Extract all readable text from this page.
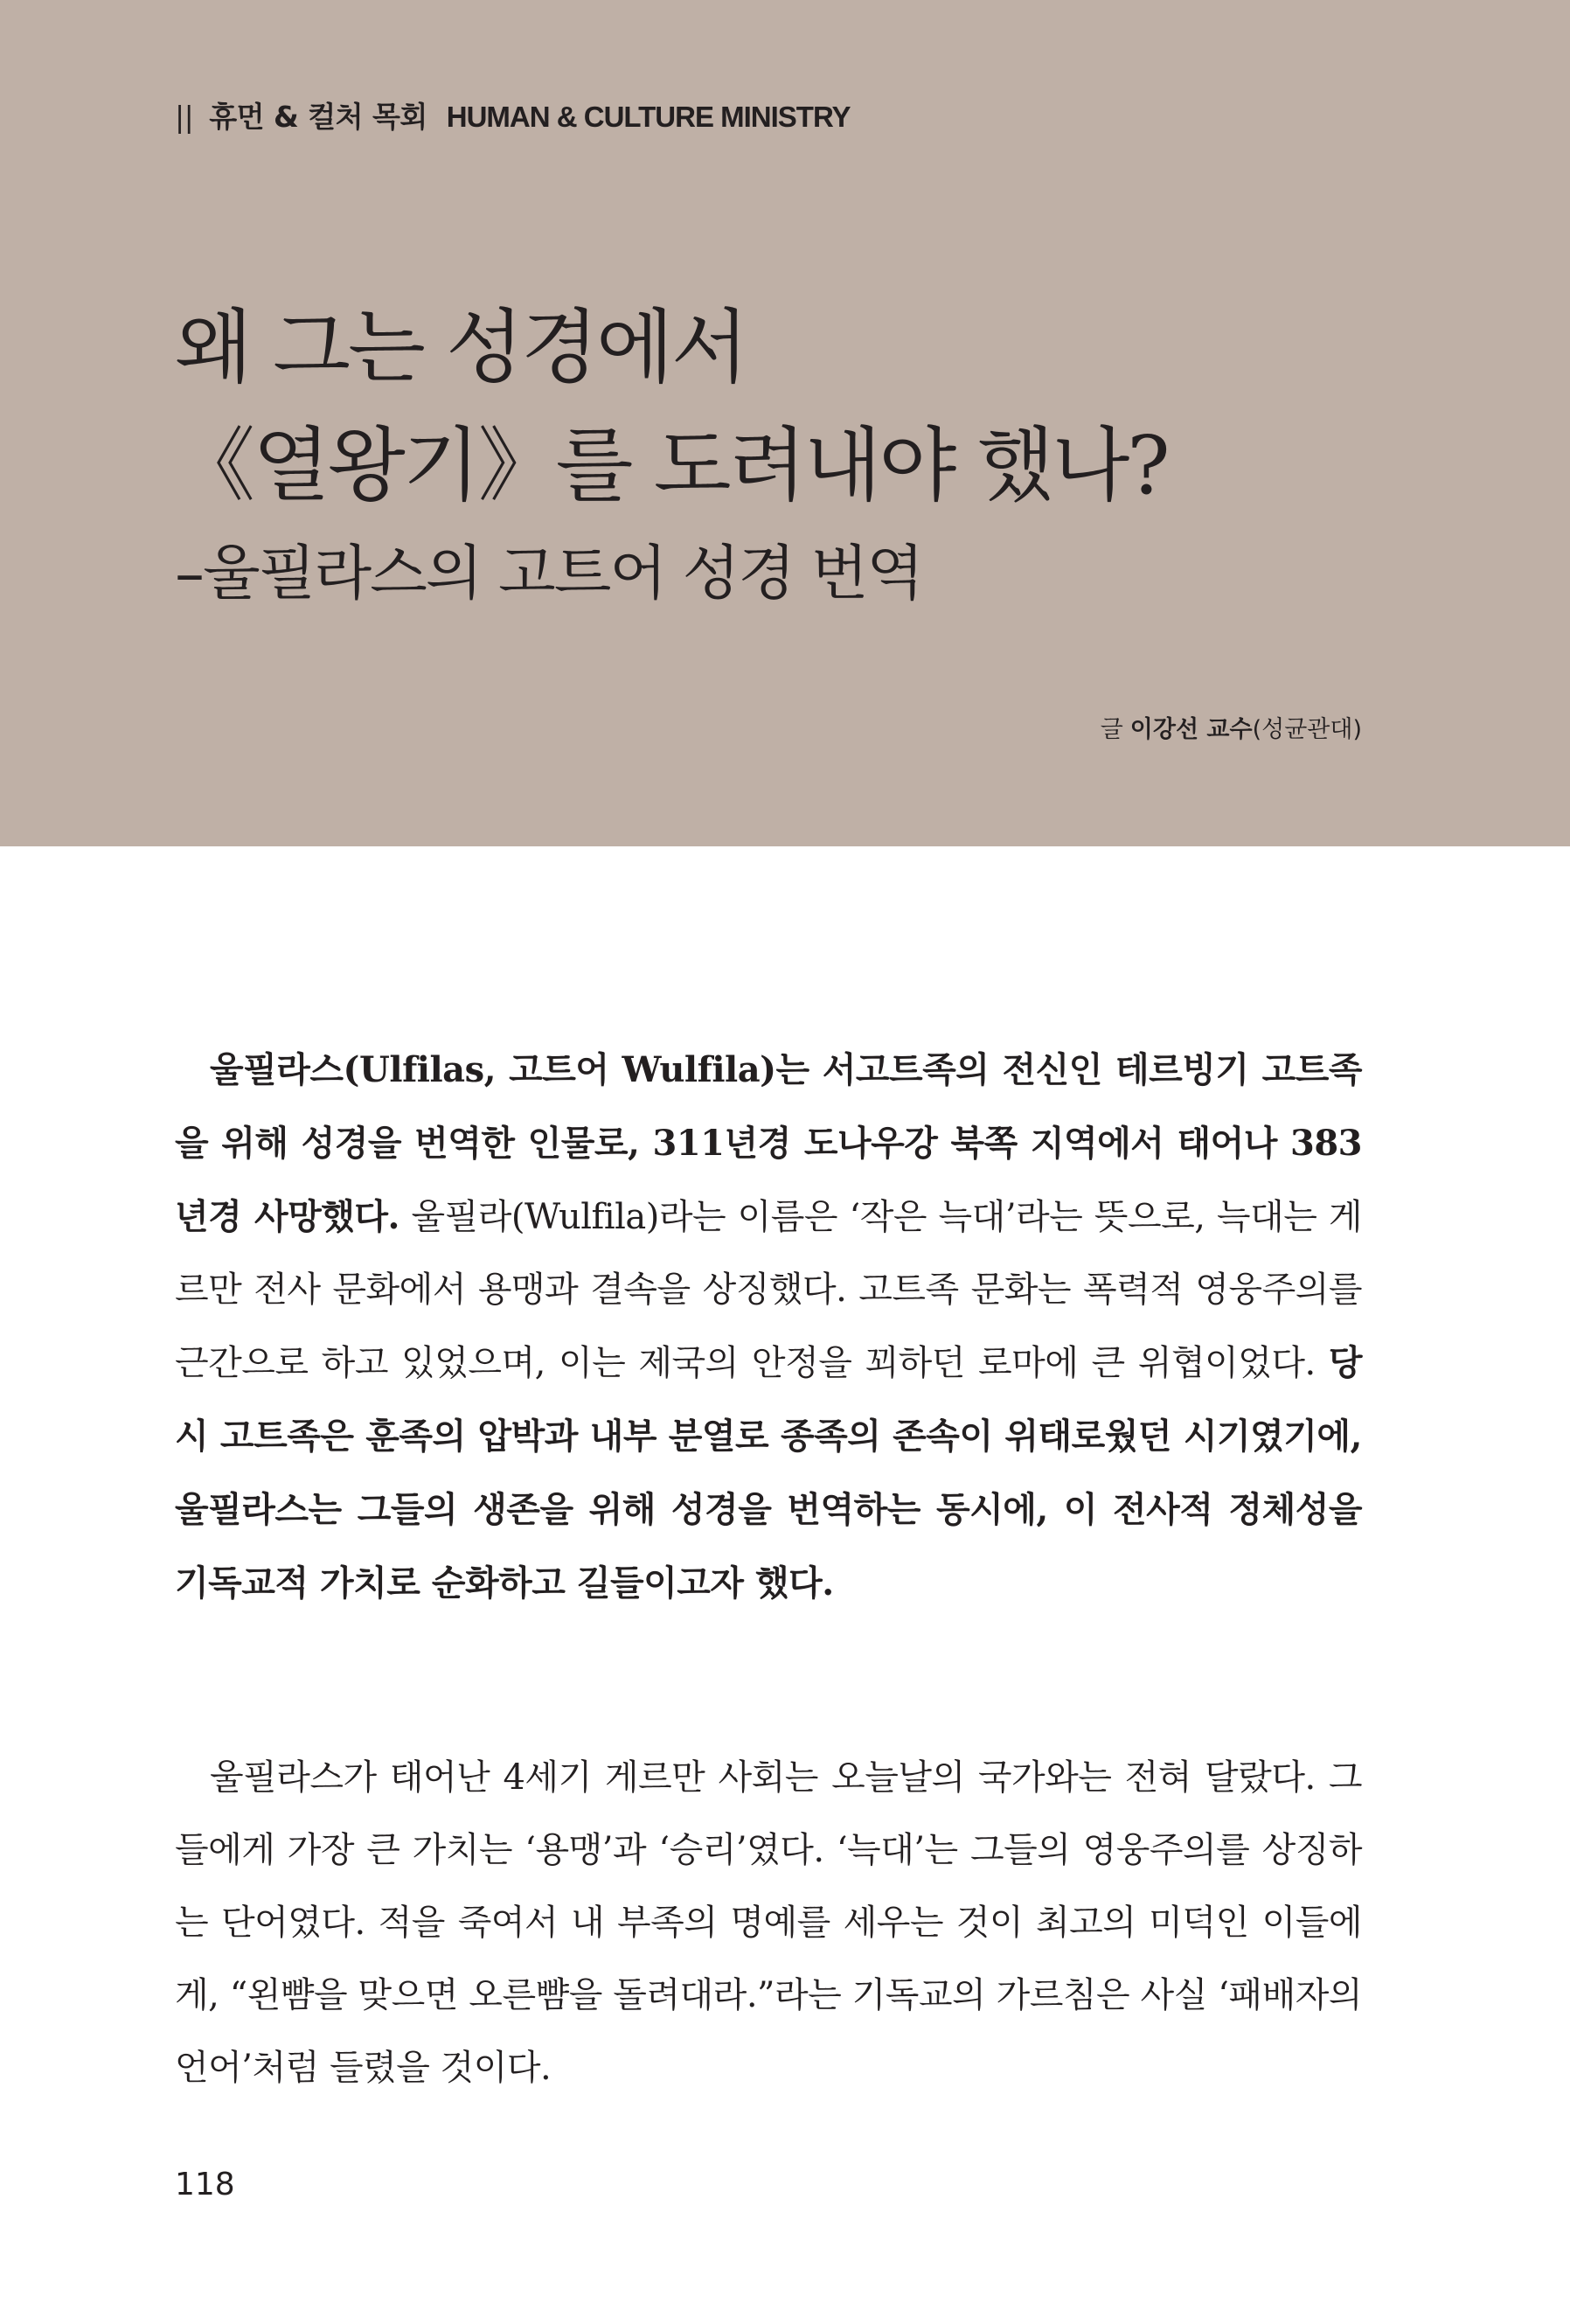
|| 휴먼 & 컬처 목회 HUMAN & CULTURE MINISTRY
왜 그는 성경에서
《열왕기》를 도려내야 했나?
–울필라스의 고트어 성경 번역
글 이강선 교수(성균관대)
울필라스(Ulfilas, 고트어 Wulfila)는 서고트족의 전신인 테르빙기 고트족을 위해 성경을 번역한 인물로, 311년경 도나우강 북쪽 지역에서 태어나 383년경 사망했다. 울필라(Wulfila)라는 이름은 ‘작은 늑대’라는 뜻으로, 늑대는 게르만 전사 문화에서 용맹과 결속을 상징했다. 고트족 문화는 폭력적 영웅주의를 근간으로 하고 있었으며, 이는 제국의 안정을 꾀하던 로마에 큰 위협이었다. 당시 고트족은 훈족의 압박과 내부 분열로 종족의 존속이 위태로웠던 시기였기에, 울필라스는 그들의 생존을 위해 성경을 번역하는 동시에, 이 전사적 정체성을 기독교적 가치로 순화하고 길들이고자 했다.
울필라스가 태어난 4세기 게르만 사회는 오늘날의 국가와는 전혀 달랐다. 그들에게 가장 큰 가치는 ‘용맹’과 ‘승리’였다. ‘늑대’는 그들의 영웅주의를 상징하는 단어였다. 적을 죽여서 내 부족의 명예를 세우는 것이 최고의 미덕인 이들에게, “왼뺨을 맞으면 오른뺨을 돌려대라.”라는 기독교의 가르침은 사실 ‘패배자의 언어’처럼 들렸을 것이다.
118
